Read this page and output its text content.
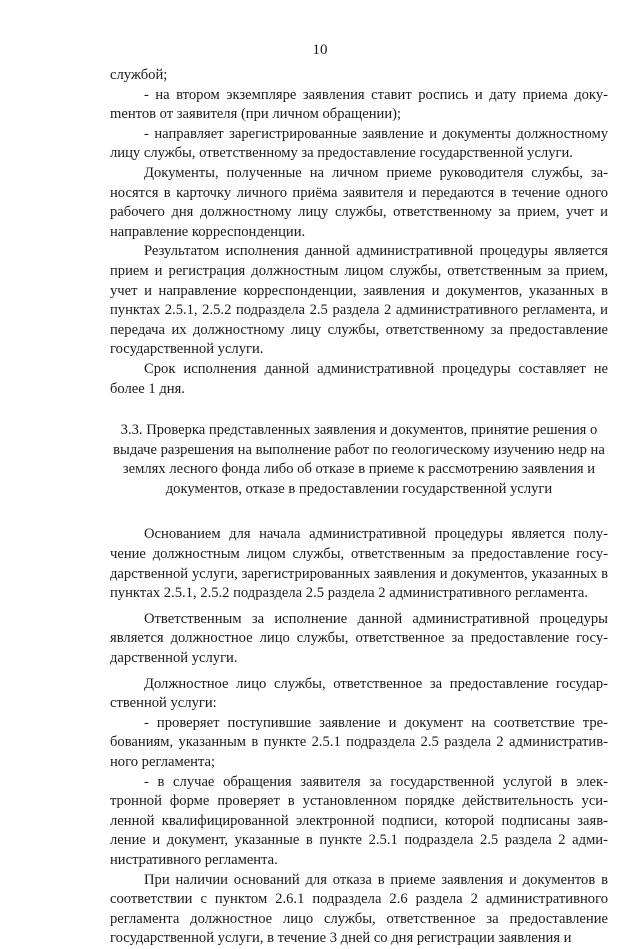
10

службой;

- на втором экземпляре заявления ставит роспись и дату приема докуmентов от заявителя (при личном обращении);

- направляет зарегистрированные заявление и документы должностному лицу службы, ответственному за предоставление государственной услуги.

Документы, полученные на личном приеме руководителя службы, заносятся в карточку личного приёма заявителя и передаются в течение одного рабочего дня должностному лицу службы, ответственному за прием, учет и направление корреспонденции.

Результатом исполнения данной административной процедуры является прием и регистрация должностным лицом службы, ответственным за прием, учет и направление корреспонденции, заявления и документов, указанных в пунктах 2.5.1, 2.5.2 подраздела 2.5 раздела 2 административного регламента, и передача их должностному лицу службы, ответственному за предоставление государственной услуги.

Срок исполнения данной административной процедуры составляет не более 1 дня.

3.3. Проверка представленных заявления и документов, принятие решения о выдаче разрешения на выполнение работ по геологическому изучению недр на землях лесного фонда либо об отказе в приеме к рассмотрению заявления и документов, отказе в предоставлении государственной услуги

Основанием для начала административной процедуры является получение должностным лицом службы, ответственным за предоставление государственной услуги, зарегистрированных заявления и документов, указанных в пунктах 2.5.1, 2.5.2 подраздела 2.5 раздела 2 административного регламента.

Ответственным за исполнение данной административной процедуры является должностное лицо службы, ответственное за предоставление государственной услуги.

Должностное лицо службы, ответственное за предоставление государственной услуги:

- проверяет поступившие заявление и документ на соответствие требованиям, указанным в пункте 2.5.1 подраздела 2.5 раздела 2 административного регламента;

- в случае обращения заявителя за государственной услугой в электронной форме проверяет в установленном порядке действительность усиленной квалифицированной электронной подписи, которой подписаны заявление и документ, указанные в пункте 2.5.1 подраздела 2.5 раздела 2 административного регламента.

При наличии оснований для отказа в приеме заявления и документов в соответствии с пунктом 2.6.1 подраздела 2.6 раздела 2 административного регламента должностное лицо службы, ответственное за предоставление государственной услуги, в течение 3 дней со дня регистрации заявления и
